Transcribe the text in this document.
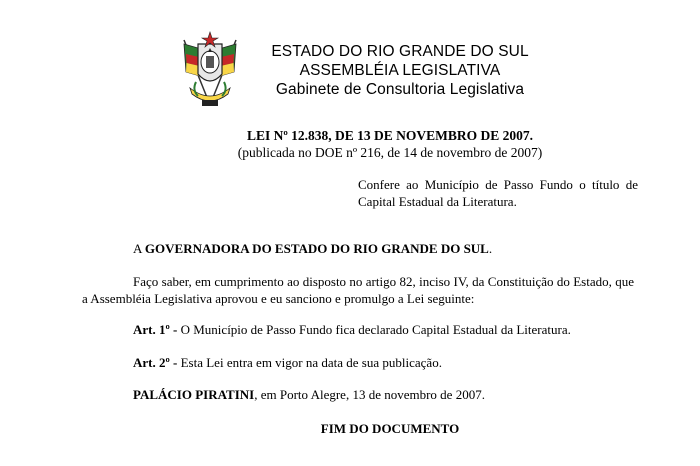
ESTADO DO RIO GRANDE DO SUL
ASSEMBLÉIA LEGISLATIVA
Gabinete de Consultoria Legislativa
LEI Nº 12.838, DE 13 DE NOVEMBRO DE 2007.
(publicada no DOE nº 216, de 14 de novembro de 2007)
Confere ao Município de Passo Fundo o título de Capital Estadual da Literatura.
A GOVERNADORA DO ESTADO DO RIO GRANDE DO SUL.
Faço saber, em cumprimento ao disposto no artigo 82, inciso IV, da Constituição do Estado, que a Assembléia Legislativa aprovou e eu sanciono e promulgo a Lei seguinte:
Art. 1º - O Município de Passo Fundo fica declarado Capital Estadual da Literatura.
Art. 2º - Esta Lei entra em vigor na data de sua publicação.
PALÁCIO PIRATINI, em Porto Alegre, 13 de novembro de 2007.
FIM DO DOCUMENTO
